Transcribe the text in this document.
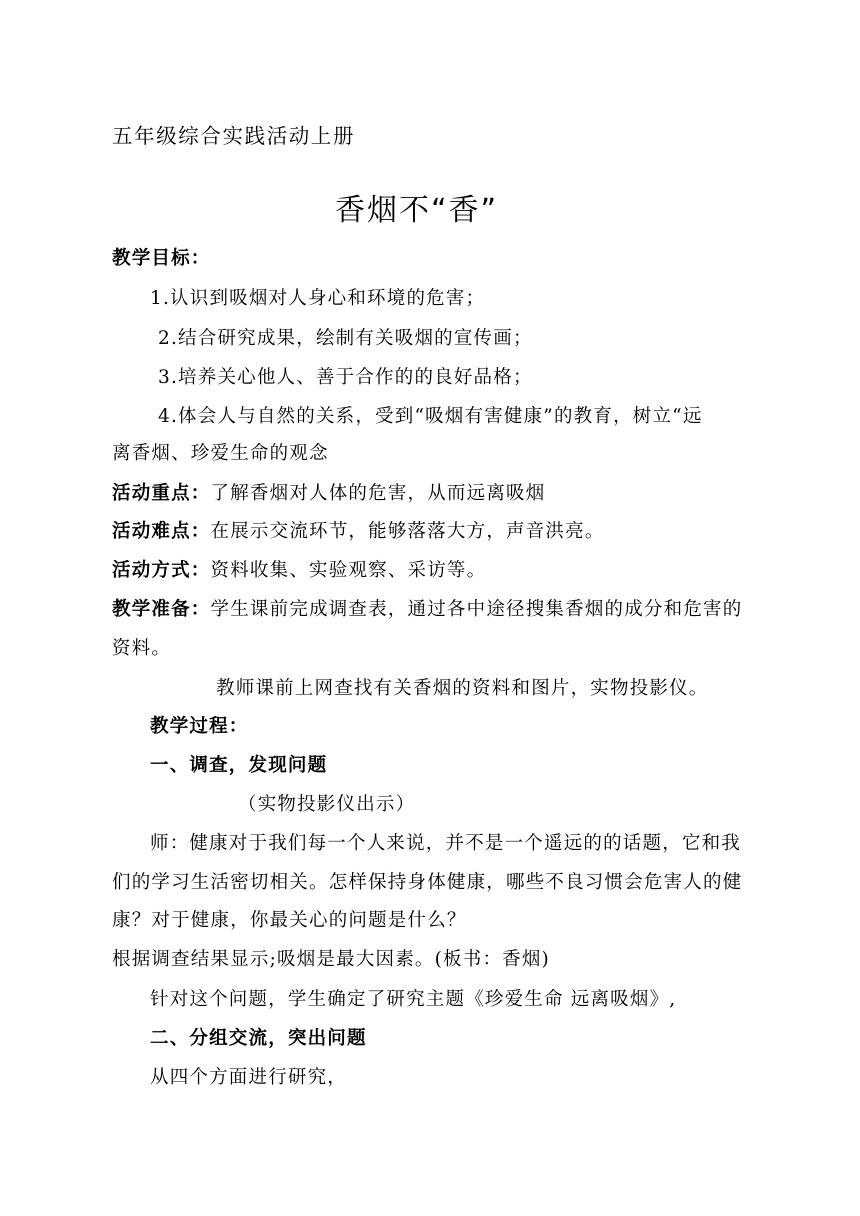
五年级综合实践活动上册
香烟不“香”
教学目标：
1.认识到吸烟对人身心和环境的危害；
2.结合研究成果，绘制有关吸烟的宣传画；
3.培养关心他人、善于合作的的良好品格；
4.体会人与自然的关系，受到“吸烟有害健康”的教育，树立“远
离香烟、珍爱生命的观念
活动重点：了解香烟对人体的危害，从而远离吸烟
活动难点：在展示交流环节，能够落落大方，声音洪亮。
活动方式：资料收集、实验观察、采访等。
教学准备：学生课前完成调查表，通过各中途径搜集香烟的成分和危害的
资料。
教师课前上网查找有关香烟的资料和图片，实物投影仪。
教学过程：
一、调查，发现问题
（实物投影仪出示）
师：健康对于我们每一个人来说，并不是一个遥远的的话题，它和我
们的学习生活密切相关。怎样保持身体健康，哪些不良习惯会危害人的健
康？对于健康，你最关心的问题是什么？
根据调查结果显示;吸烟是最大因素。(板书：香烟)
针对这个问题，学生确定了研究主题《珍爱生命 远离吸烟》,
二、分组交流，突出问题
从四个方面进行研究，
